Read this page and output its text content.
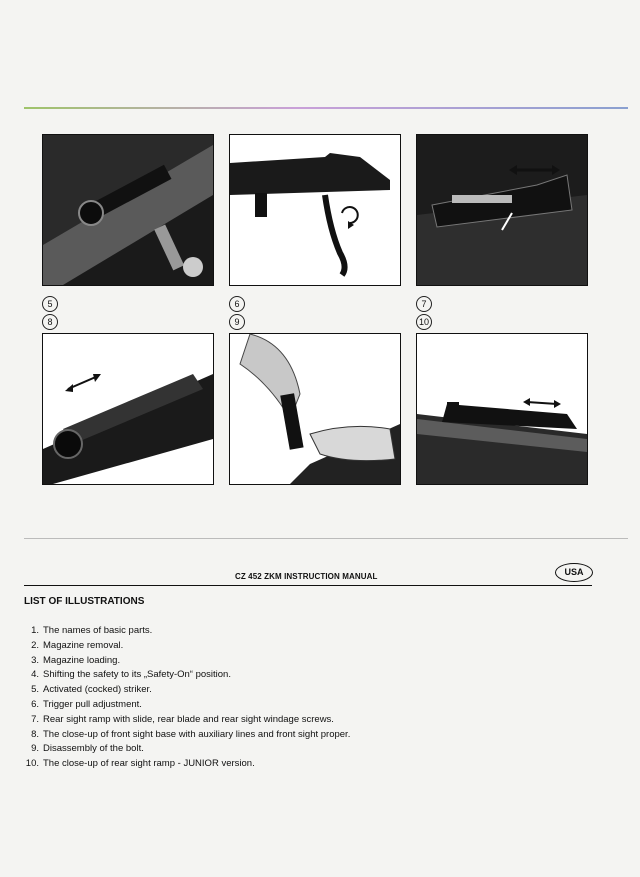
5	6	7
8	9	10
CZ 452 ZKM INSTRUCTION MANUAL	USA
LIST OF ILLUSTRATIONS
1. The names of basic parts.
2. Magazine removal.
3. Magazine loading.
4. Shifting the safety to its „Safety-On“ position.
5. Activated (cocked) striker.
6. Trigger pull adjustment.
7. Rear sight ramp with slide, rear blade and rear sight windage screws.
8. The close-up of front sight base with auxiliary lines and front sight proper.
9. Disassembly of the bolt.
10. The close-up of rear sight ramp - JUNIOR version.
